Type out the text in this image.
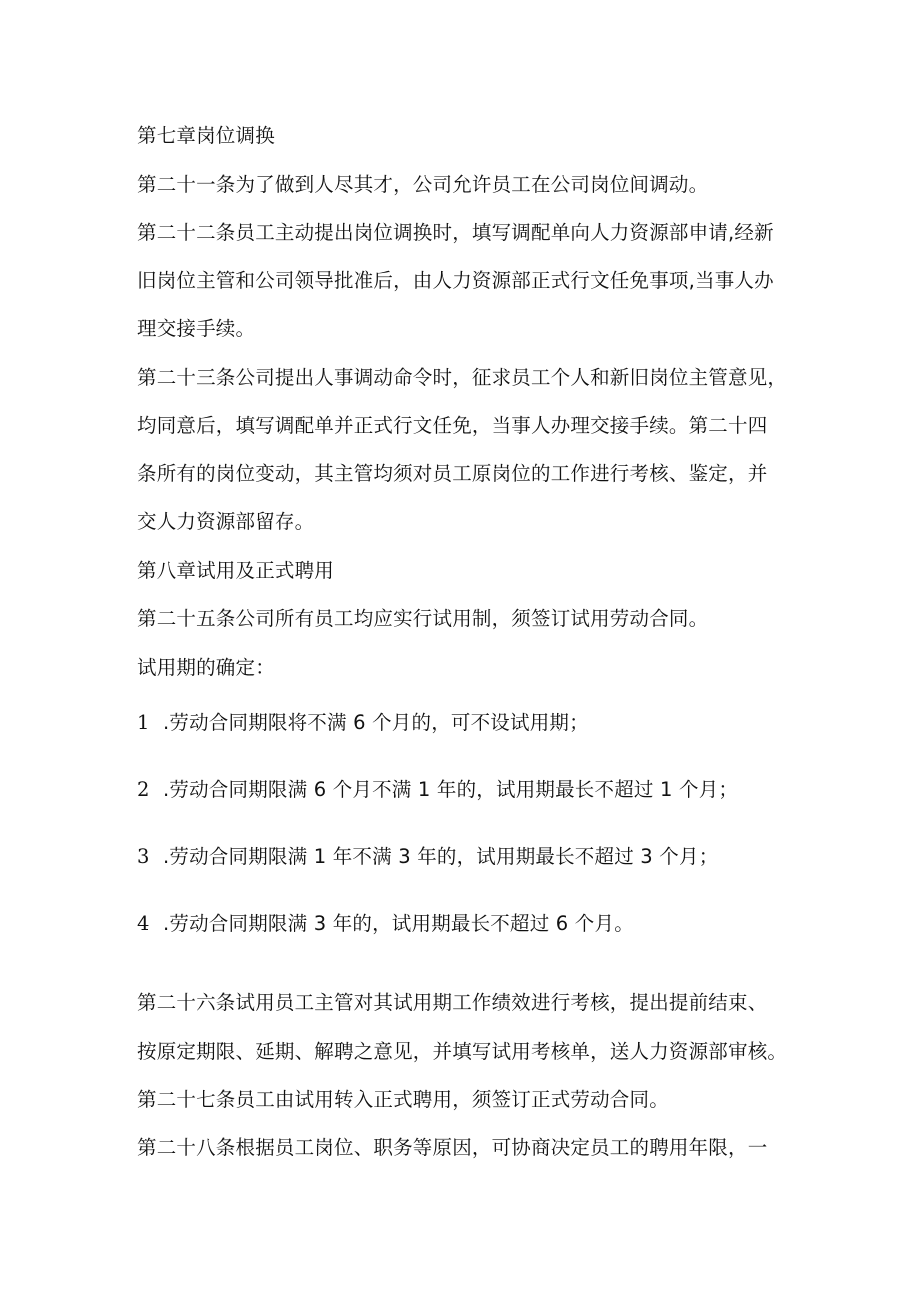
第七章岗位调换
第二十一条为了做到人尽其才，公司允许员工在公司岗位间调动。
第二十二条员工主动提出岗位调换时，填写调配单向人力资源部申请,经新
旧岗位主管和公司领导批准后，由人力资源部正式行文任免事项,当事人办
理交接手续。
第二十三条公司提出人事调动命令时，征求员工个人和新旧岗位主管意见，
均同意后，填写调配单并正式行文任免，当事人办理交接手续。第二十四
条所有的岗位变动，其主管均须对员工原岗位的工作进行考核、鉴定，并
交人力资源部留存。
第八章试用及正式聘用
第二十五条公司所有员工均应实行试用制，须签订试用劳动合同。
试用期的确定：
1 .劳动合同期限将不满 6 个月的，可不设试用期；
2 .劳动合同期限满 6 个月不满 1 年的，试用期最长不超过 1 个月；
3 .劳动合同期限满 1 年不满 3 年的，试用期最长不超过 3 个月；
4 .劳动合同期限满 3 年的，试用期最长不超过 6 个月。
第二十六条试用员工主管对其试用期工作绩效进行考核，提出提前结束、
按原定期限、延期、解聘之意见，并填写试用考核单，送人力资源部审核。
第二十七条员工由试用转入正式聘用，须签订正式劳动合同。
第二十八条根据员工岗位、职务等原因，可协商决定员工的聘用年限，一
